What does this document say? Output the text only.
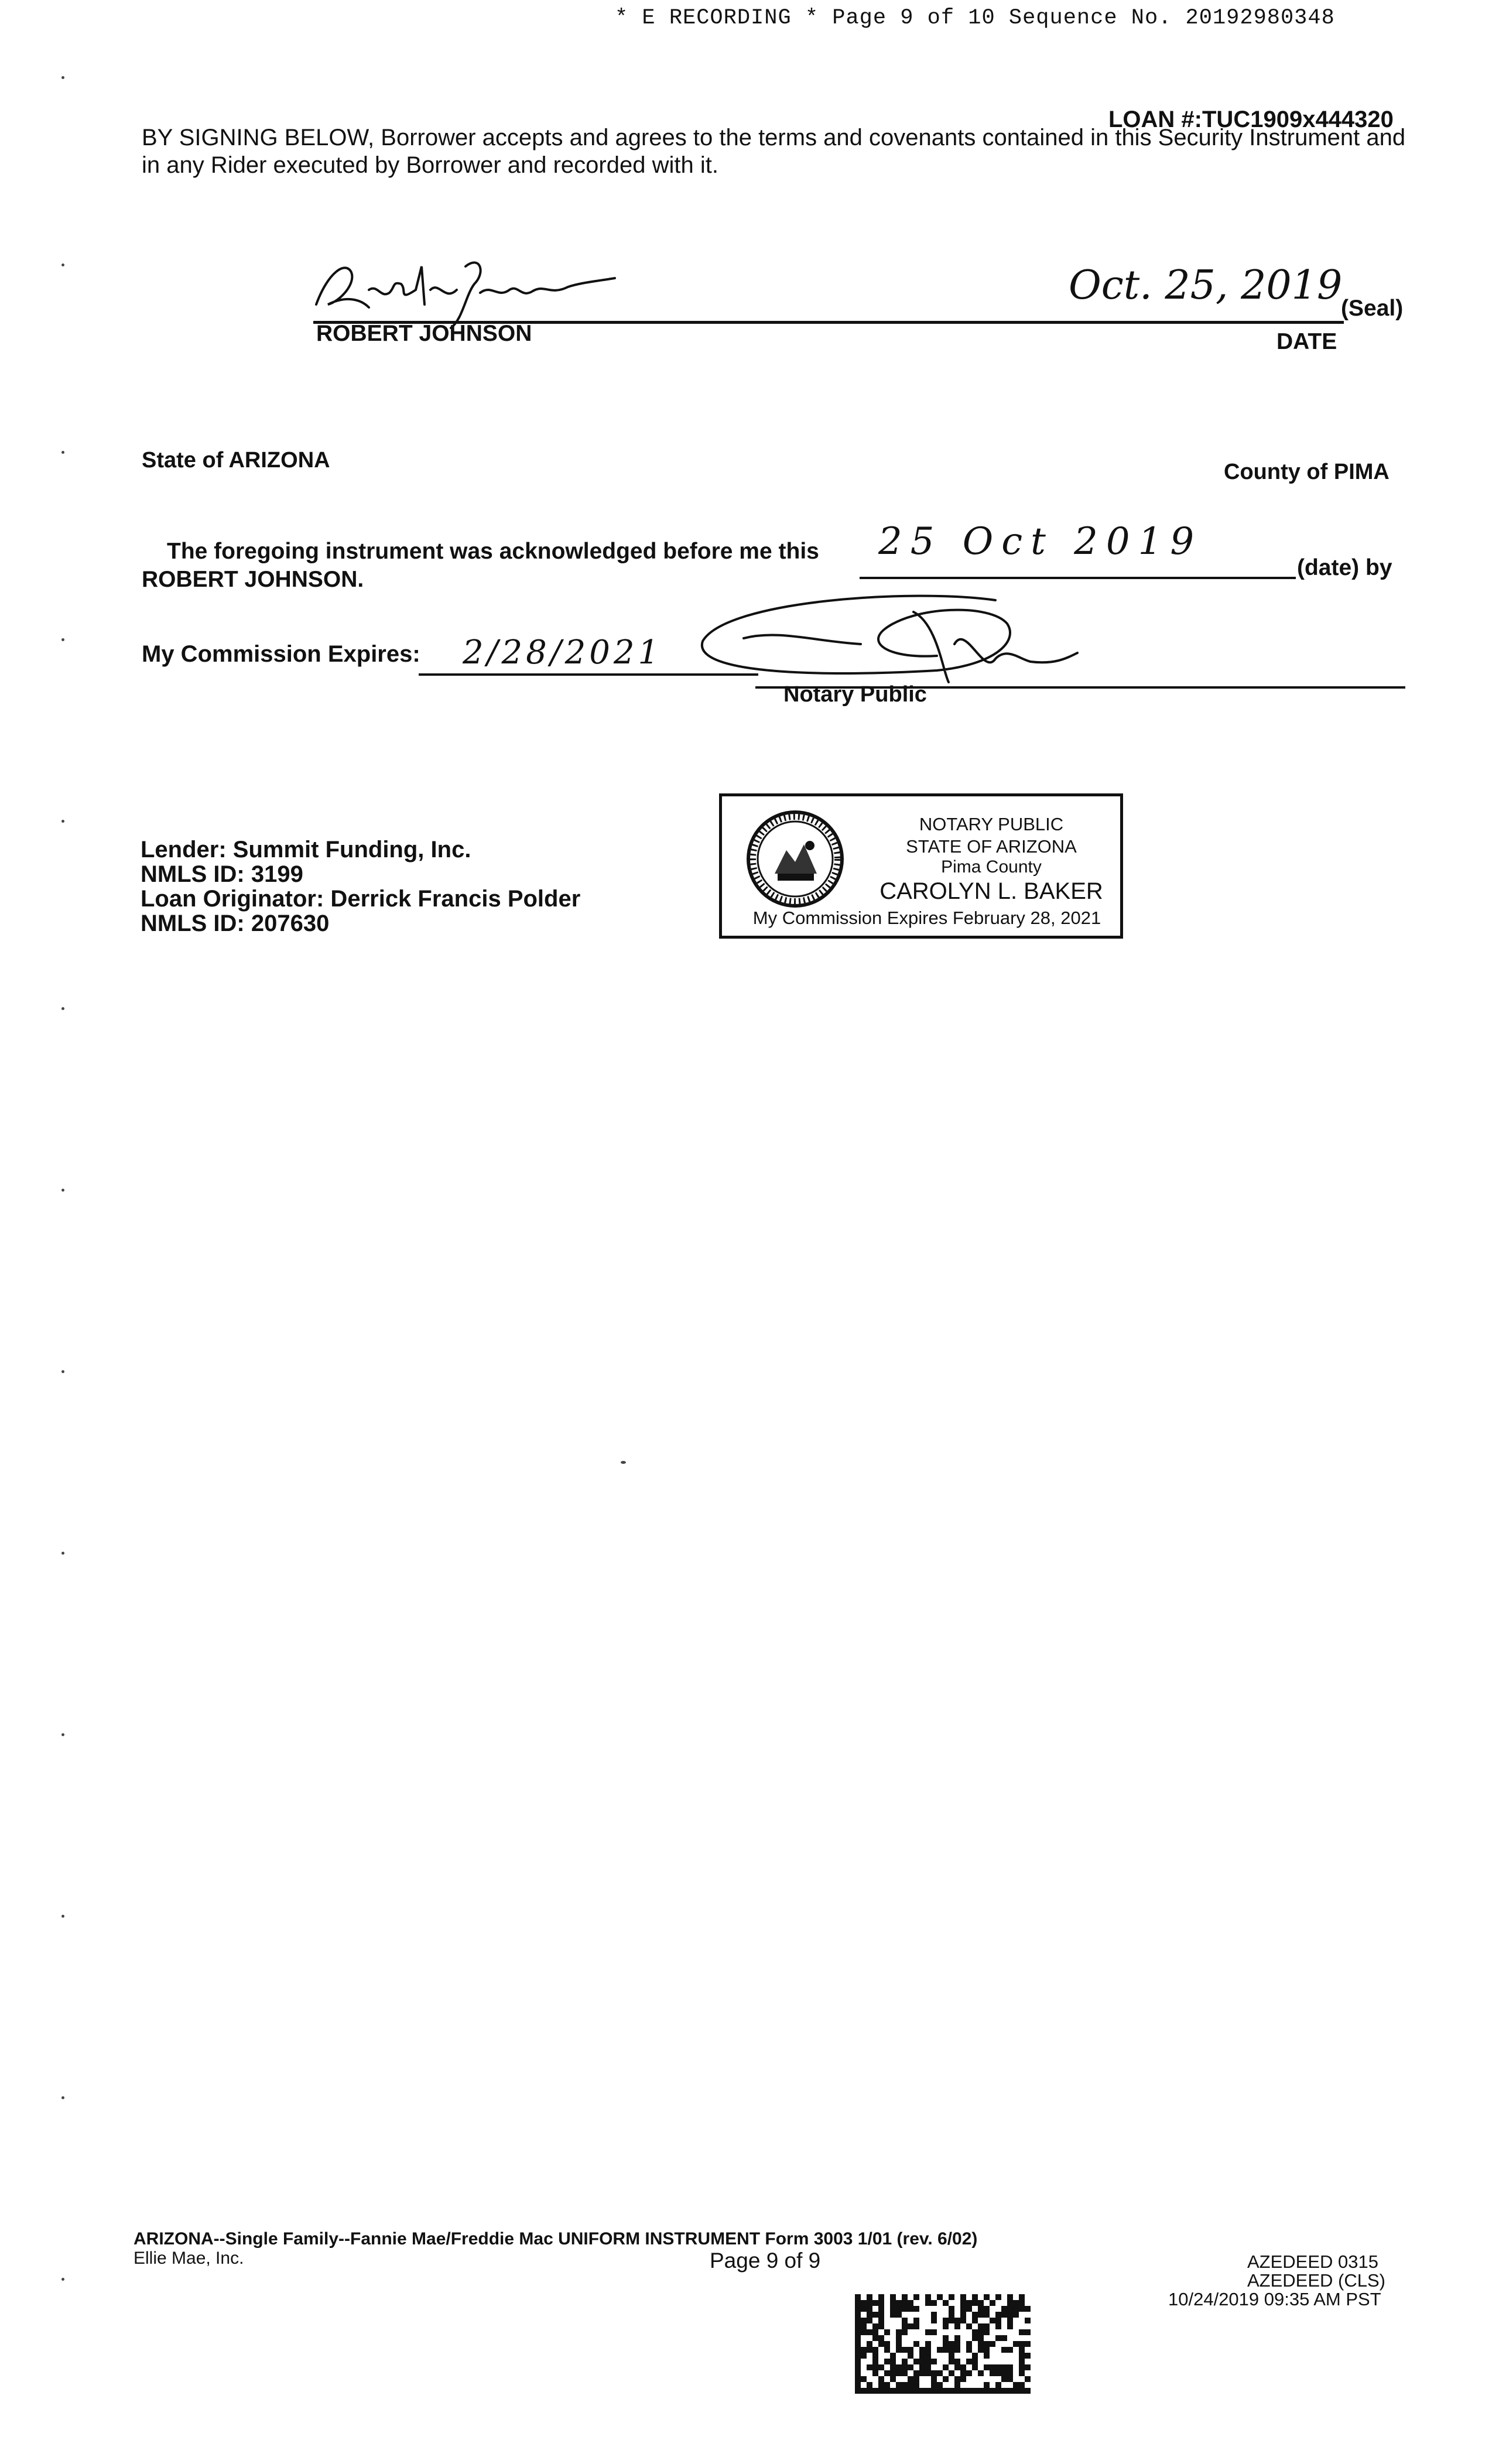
* E RECORDING * Page 9 of 10 Sequence No. 20192980348
LOAN #:TUC1909x444320
BY SIGNING BELOW, Borrower accepts and agrees to the terms and covenants contained in this Security Instrument and in any Rider executed by Borrower and recorded with it.
Oct. 25, 2019
(Seal)
ROBERT JOHNSON	DATE
State of ARIZONA	County of PIMA
The foregoing instrument was acknowledged before me this 25 Oct 2019
(date) by
ROBERT JOHNSON.
My Commission Expires: 2/28/2021
Notary Public
Lender: Summit Funding, Inc.
NMLS ID: 3199
Loan Originator: Derrick Francis Polder
NMLS ID: 207630
NOTARY PUBLIC
STATE OF ARIZONA
Pima County
CAROLYN L. BAKER
My Commission Expires February 28, 2021
ARIZONA--Single Family--Fannie Mae/Freddie Mac UNIFORM INSTRUMENT Form 3003 1/01 (rev. 6/02)
Ellie Mae, Inc.	Page 9 of 9	AZEDEED 0315
AZEDEED (CLS)
10/24/2019 09:35 AM PST
